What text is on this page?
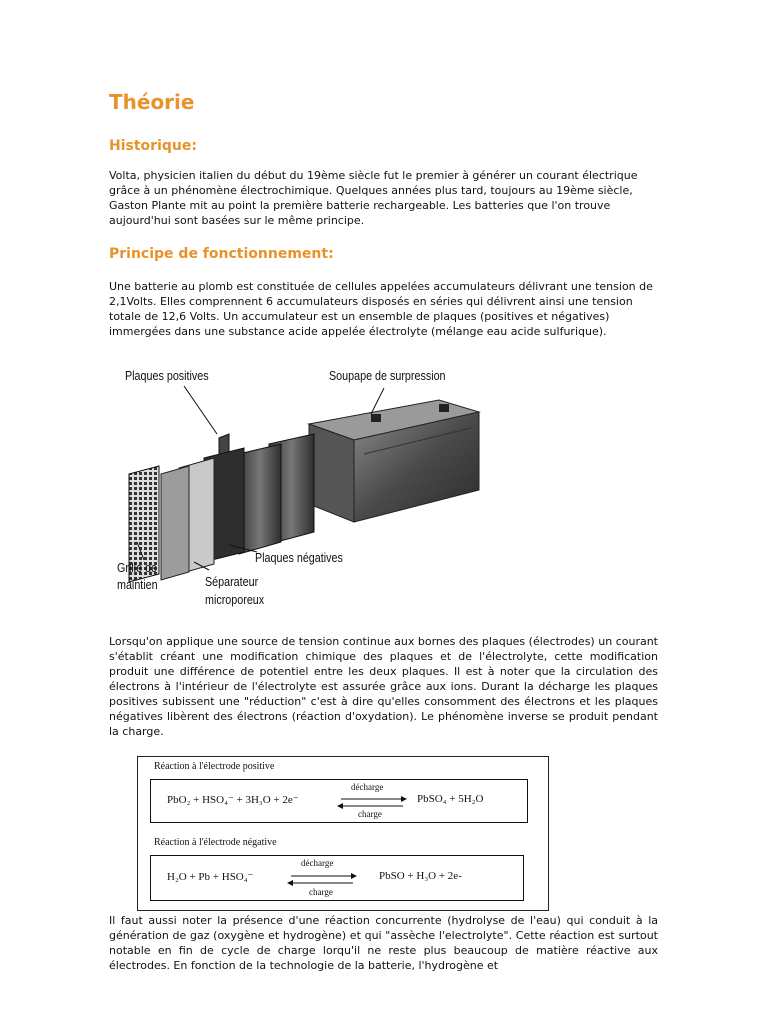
Théorie
Historique:

Volta, physicien italien du début du 19ème siècle fut le premier à générer un courant électrique grâce à un phénomène électrochimique. Quelques années plus tard, toujours au 19ème siècle, Gaston Plante mit au point la première batterie rechargeable. Les batteries que l'on trouve aujourd'hui sont basées sur le même principe.

Principe de fonctionnement:

Une batterie au plomb est constituée de cellules appelées accumulateurs délivrant une tension de 2,1Volts. Elles comprennent 6 accumulateurs disposés en séries qui délivrent ainsi une tension totale de 12,6 Volts. Un accumulateur est un ensemble de plaques (positives et négatives) immergées dans une substance acide appelée électrolyte (mélange eau acide sulfurique).

Plaques positives	Soupape de surpression
Plaques négatives
Grille de
maintien	Séparateur
microporeux

Lorsqu'on applique une source de tension continue aux bornes des plaques (électrodes) un courant s'établit créant une modification chimique des plaques et de l'électrolyte, cette modification produit une différence de potentiel entre les deux plaques. Il est à noter que la circulation des électrons à l'intérieur de l'électrolyte est assurée grâce aux ions. Durant la décharge les plaques positives subissent une "réduction" c'est à dire qu'elles consomment des électrons et les plaques négatives libèrent des électrons (réaction d'oxydation). Le phénomène inverse se produit pendant la charge.

Réaction à l'électrode positive
PbO₂ + HSO₄⁻ + 3H₃O + 2e⁻
décharge
charge
PbSO₄ + 5H₂O
Réaction à l'électrode négative
H₂O + Pb + HSO₄⁻
décharge
charge
PbSO + H₃O + 2e-

Il faut aussi noter la présence d'une réaction concurrente (hydrolyse de l'eau) qui conduit à la génération de gaz (oxygène et hydrogène) et qui "assèche l'electrolyte". Cette réaction est surtout notable en fin de cycle de charge lorqu'il ne reste plus beaucoup de matière réactive aux électrodes. En fonction de la technologie de la batterie, l'hydrogène et
